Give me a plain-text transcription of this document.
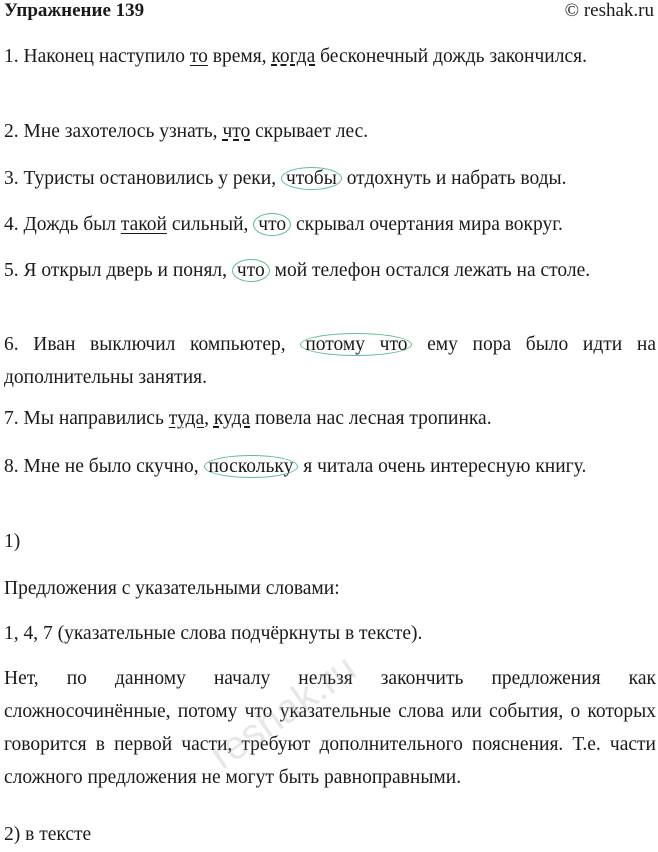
Упражнение 139	© reshak.ru

1. Наконец наступило то время, когда бесконечный дождь закончился.

2. Мне захотелось узнать, что скрывает лес.

3. Туристы остановились у реки, чтобы отдохнуть и набрать воды.

4. Дождь был такой сильный, что скрывал очертания мира вокруг.

5. Я открыл дверь и понял, что мой телефон остался лежать на столе.

6. Иван выключил компьютер, потому что ему пора было идти на дополнительны занятия.

7. Мы направились туда, куда повела нас лесная тропинка.

8. Мне не было скучно, поскольку я читала очень интересную книгу.

1)

Предложения с указательными словами:

1, 4, 7 (указательные слова подчёркнуты в тексте).

Нет, по данному началу нельзя закончить предложения как сложносочинённые, потому что указательные слова или события, о которых говорится в первой части, требуют дополнительного пояснения. Т.е. части сложного предложения не могут быть равноправными.

2) в тексте

reshak.ru
